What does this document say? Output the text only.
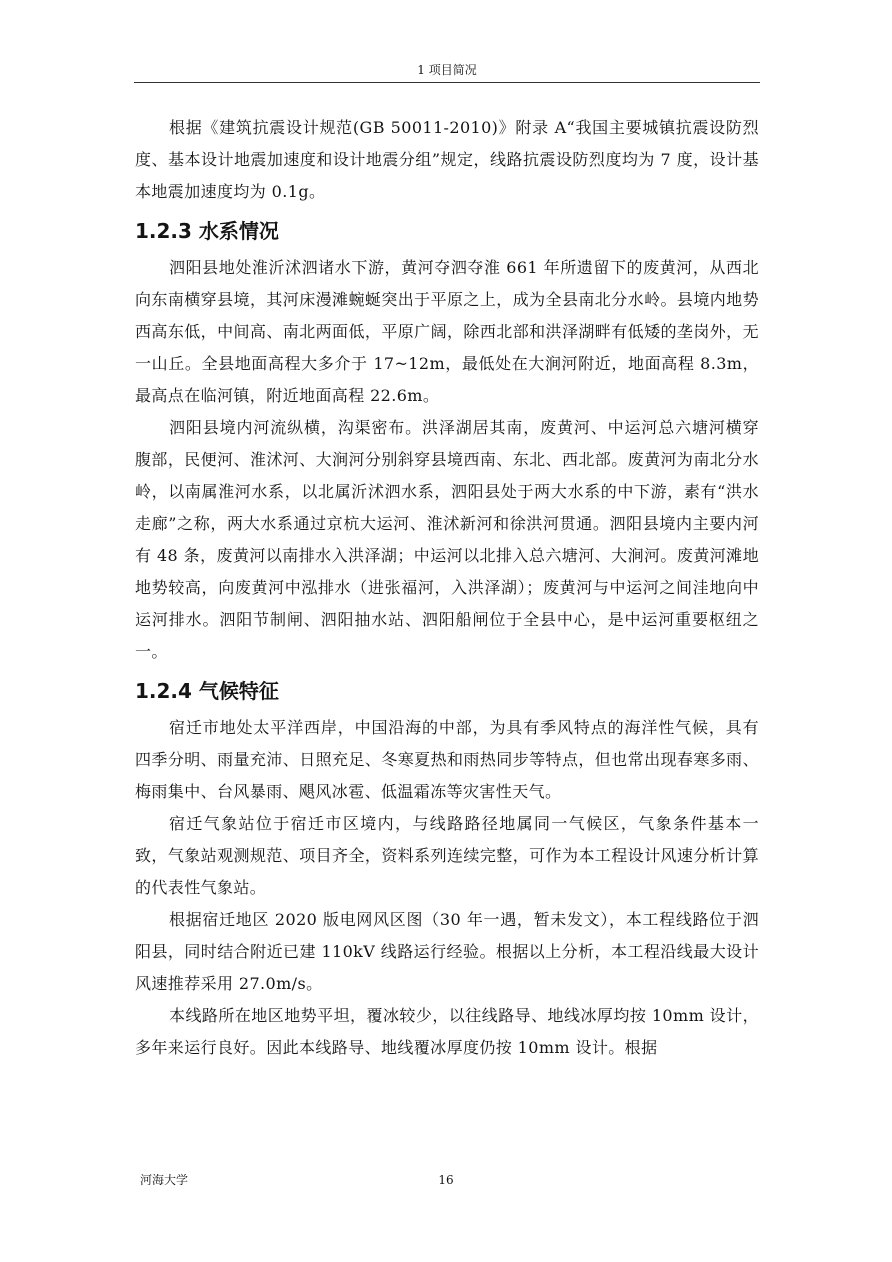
1 项目简况

根据《建筑抗震设计规范(GB 50011-2010)》附录 A“我国主要城镇抗震设防烈度、基本设计地震加速度和设计地震分组”规定，线路抗震设防烈度均为 7 度，设计基本地震加速度均为 0.1g。

1.2.3 水系情况

泗阳县地处淮沂沭泗诸水下游，黄河夺泗夺淮 661 年所遗留下的废黄河，从西北向东南横穿县境，其河床漫滩蜿蜒突出于平原之上，成为全县南北分水岭。县境内地势西高东低，中间高、南北两面低，平原广阔，除西北部和洪泽湖畔有低矮的垄岗外，无一山丘。全县地面高程大多介于 17~12m，最低处在大涧河附近，地面高程 8.3m，最高点在临河镇，附近地面高程 22.6m。

泗阳县境内河流纵横，沟渠密布。洪泽湖居其南，废黄河、中运河总六塘河横穿腹部，民便河、淮沭河、大涧河分别斜穿县境西南、东北、西北部。废黄河为南北分水岭，以南属淮河水系，以北属沂沭泗水系，泗阳县处于两大水系的中下游，素有“洪水走廊”之称，两大水系通过京杭大运河、淮沭新河和徐洪河贯通。泗阳县境内主要内河有 48 条，废黄河以南排水入洪泽湖；中运河以北排入总六塘河、大涧河。废黄河滩地地势较高，向废黄河中泓排水（进张福河，入洪泽湖）；废黄河与中运河之间洼地向中运河排水。泗阳节制闸、泗阳抽水站、泗阳船闸位于全县中心，是中运河重要枢纽之一。

1.2.4 气候特征

宿迁市地处太平洋西岸，中国沿海的中部，为具有季风特点的海洋性气候，具有四季分明、雨量充沛、日照充足、冬寒夏热和雨热同步等特点，但也常出现春寒多雨、梅雨集中、台风暴雨、飓风冰雹、低温霜冻等灾害性天气。

宿迁气象站位于宿迁市区境内，与线路路径地属同一气候区，气象条件基本一致，气象站观测规范、项目齐全，资料系列连续完整，可作为本工程设计风速分析计算的代表性气象站。

根据宿迁地区 2020 版电网风区图（30 年一遇，暂未发文），本工程线路位于泗阳县，同时结合附近已建 110kV 线路运行经验。根据以上分析，本工程沿线最大设计风速推荐采用 27.0m/s。

本线路所在地区地势平坦，覆冰较少，以往线路导、地线冰厚均按 10mm 设计，多年来运行良好。因此本线路导、地线覆冰厚度仍按 10mm 设计。根据

河海大学	16
